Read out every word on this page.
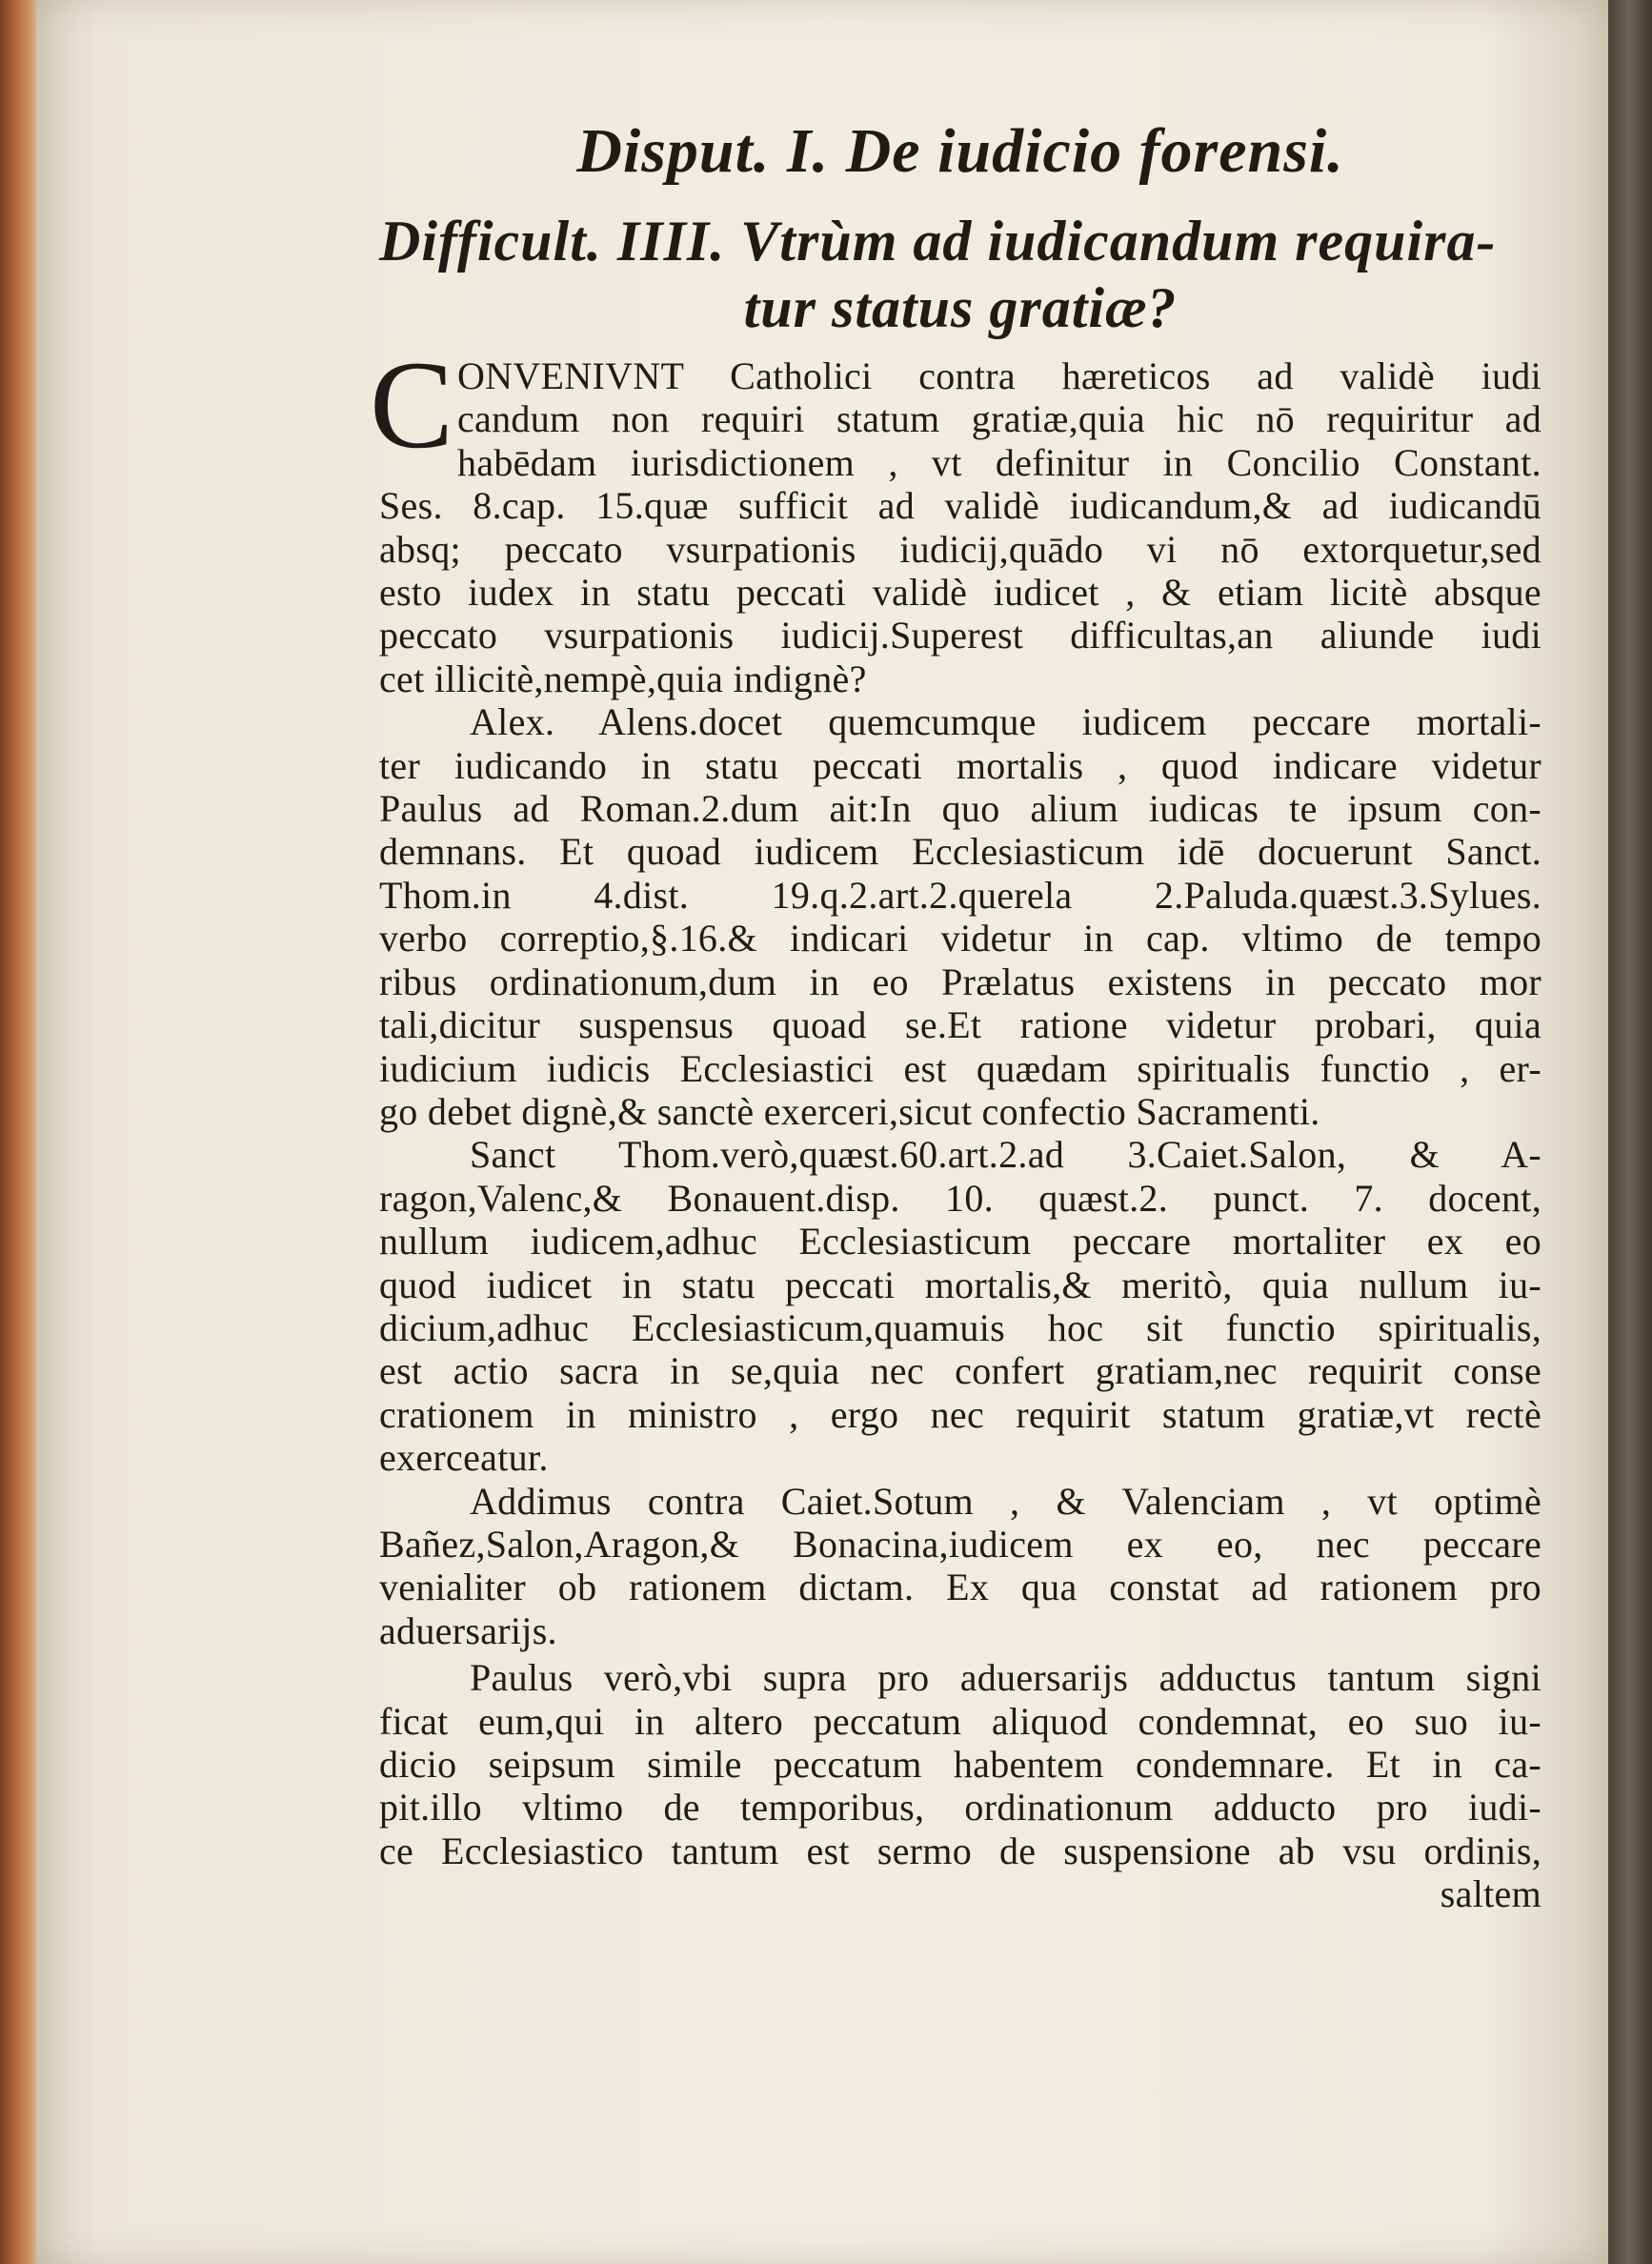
Disput. I. De iudicio forensi.
Difficult. IIII. Vtrùm ad iudicandum requira-
tur status gratiæ?
C ONVENIVNT Catholici contra hæreticos ad validè iudi
candum non requiri statum gratiæ,quia hic nō requiritur ad
habēdam iurisdictionem , vt definitur in Concilio Constant.
Ses. 8.cap. 15.quæ sufficit ad validè iudicandum,& ad iudicandū
absq; peccato vsurpationis iudicij,quādo vi nō extorquetur,sed
esto iudex in statu peccati validè iudicet , & etiam licitè absque
peccato vsurpationis iudicij.Superest difficultas,an aliunde iudi
cet illicitè,nempè,quia indignè?
Alex. Alens.docet quemcumque iudicem peccare mortali-
ter iudicando in statu peccati mortalis , quod indicare videtur
Paulus ad Roman.2.dum ait:In quo alium iudicas te ipsum con-
demnans. Et quoad iudicem Ecclesiasticum idē docuerunt Sanct.
Thom.in 4.dist. 19.q.2.art.2.querela 2.Paluda.quæst.3.Sylues.
verbo correptio,§.16.& indicari videtur in cap. vltimo de tempo
ribus ordinationum,dum in eo Prælatus existens in peccato mor
tali,dicitur suspensus quoad se.Et ratione videtur probari, quia
iudicium iudicis Ecclesiastici est quædam spiritualis functio , er-
go debet dignè,& sanctè exerceri,sicut confectio Sacramenti.
Sanct Thom.verò,quæst.60.art.2.ad 3.Caiet.Salon, & A-
ragon,Valenc,& Bonauent.disp. 10. quæst.2. punct. 7. docent,
nullum iudicem,adhuc Ecclesiasticum peccare mortaliter ex eo
quod iudicet in statu peccati mortalis,& meritò, quia nullum iu-
dicium,adhuc Ecclesiasticum,quamuis hoc sit functio spiritualis,
est actio sacra in se,quia nec confert gratiam,nec requirit conse
crationem in ministro , ergo nec requirit statum gratiæ,vt rectè
exerceatur.
Addimus contra Caiet.Sotum , & Valenciam , vt optimè
Bañez,Salon,Aragon,& Bonacina,iudicem ex eo, nec peccare
venialiter ob rationem dictam. Ex qua constat ad rationem pro
aduersarijs.
Paulus verò,vbi supra pro aduersarijs adductus tantum signi
ficat eum,qui in altero peccatum aliquod condemnat, eo suo iu-
dicio seipsum simile peccatum habentem condemnare. Et in ca-
pit.illo vltimo de temporibus, ordinationum adducto pro iudi-
ce Ecclesiastico tantum est sermo de suspensione ab vsu ordinis,
saltem
